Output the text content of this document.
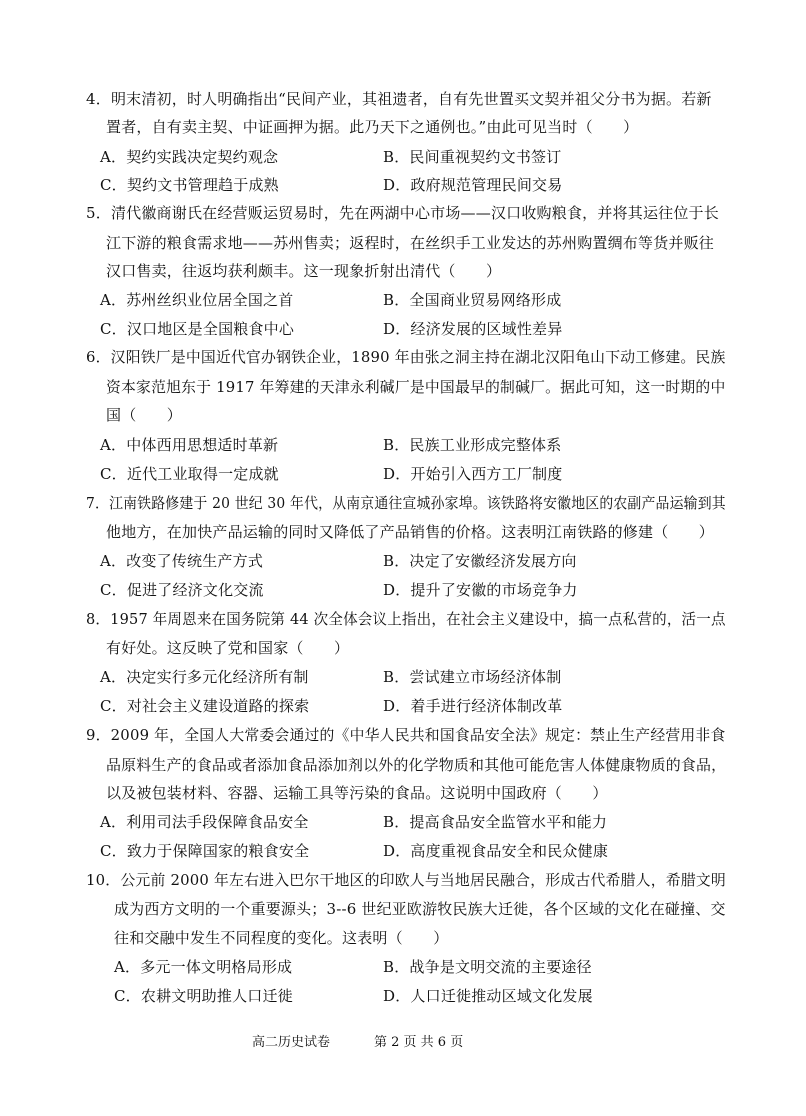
4．明末清初，时人明确指出“民间产业，其祖遗者，自有先世置买文契并祖父分书为据。若新
置者，自有卖主契、中证画押为据。此乃天下之通例也。”由此可见当时（　　）
A．契约实践决定契约观念	B．民间重视契约文书签订
C．契约文书管理趋于成熟	D．政府规范管理民间交易
5．清代徽商谢氏在经营贩运贸易时，先在两湖中心市场——汉口收购粮食，并将其运往位于长
江下游的粮食需求地——苏州售卖；返程时，在丝织手工业发达的苏州购置绸布等货并贩往
汉口售卖，往返均获利颇丰。这一现象折射出清代（　　）
A．苏州丝织业位居全国之首	B．全国商业贸易网络形成
C．汉口地区是全国粮食中心	D．经济发展的区域性差异
6．汉阳铁厂是中国近代官办钢铁企业，1890 年由张之洞主持在湖北汉阳龟山下动工修建。民族
资本家范旭东于 1917 年筹建的天津永利碱厂是中国最早的制碱厂。据此可知，这一时期的中
国（　　）
A．中体西用思想适时革新	B．民族工业形成完整体系
C．近代工业取得一定成就	D．开始引入西方工厂制度
7．江南铁路修建于 20 世纪 30 年代，从南京通往宣城孙家埠。该铁路将安徽地区的农副产品运输到其
他地方，在加快产品运输的同时又降低了产品销售的价格。这表明江南铁路的修建（　　）
A．改变了传统生产方式	B．决定了安徽经济发展方向
C．促进了经济文化交流	D．提升了安徽的市场竞争力
8．1957 年周恩来在国务院第 44 次全体会议上指出，在社会主义建设中，搞一点私营的，活一点
有好处。这反映了党和国家（　　）
A．决定实行多元化经济所有制	B．尝试建立市场经济体制
C．对社会主义建设道路的探索	D．着手进行经济体制改革
9．2009 年，全国人大常委会通过的《中华人民共和国食品安全法》规定：禁止生产经营用非食
品原料生产的食品或者添加食品添加剂以外的化学物质和其他可能危害人体健康物质的食品，
以及被包装材料、容器、运输工具等污染的食品。这说明中国政府（　　）
A．利用司法手段保障食品安全	B．提高食品安全监管水平和能力
C．致力于保障国家的粮食安全	D．高度重视食品安全和民众健康
10．公元前 2000 年左右进入巴尔干地区的印欧人与当地居民融合，形成古代希腊人，希腊文明
成为西方文明的一个重要源头；3--6 世纪亚欧游牧民族大迁徙，各个区域的文化在碰撞、交
往和交融中发生不同程度的变化。这表明（　　）
A．多元一体文明格局形成	B．战争是文明交流的主要途径
C．农耕文明助推人口迁徙	D．人口迁徙推动区域文化发展
高二历史试卷	第 2 页 共 6 页
